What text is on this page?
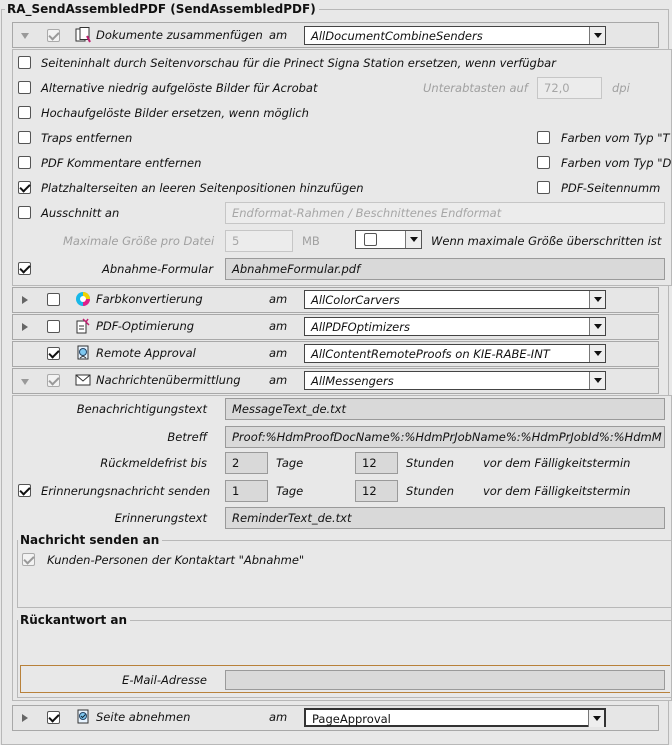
RA_SendAssembledPDF (SendAssembledPDF)
Dokumente zusammenfügen am	AllDocumentCombineSenders
Seiteninhalt durch Seitenvorschau für die Prinect Signa Station ersetzen, wenn verfügbar
Alternative niedrig aufgelöste Bilder für Acrobat	Unterabtasten auf	72,0	dpi
Hochaufgelöste Bilder ersetzen, wenn möglich
Traps entfernen	Farben vom Typ "T
PDF Kommentare entfernen	Farben vom Typ "D
Platzhalterseiten an leeren Seitenpositionen hinzufügen	PDF-Seitennumm
Ausschnitt an	Endformat-Rahmen / Beschnittenes Endformat
Maximale Größe pro Datei	5	MB	Wenn maximale Größe überschritten ist
Abnahme-Formular	AbnahmeFormular.pdf
Farbkonvertierung	am	AllColorCarvers
PDF-Optimierung	am	AllPDFOptimizers
Remote Approval	am	AllContentRemoteProofs on KIE-RABE-INT
Nachrichtenübermittlung am	AllMessengers
Benachrichtigungstext	MessageText_de.txt
Betreff	Proof:%HdmProofDocName%:%HdmPrJobName%:%HdmPrJobId%:%HdmM
Rückmeldefrist bis	2	Tage	12	Stunden	vor dem Fälligkeitstermin
Erinnerungsnachricht senden	1	Tage	12	Stunden	vor dem Fälligkeitstermin
Erinnerungstext	ReminderText_de.txt
Nachricht senden an
Kunden-Personen der Kontaktart "Abnahme"
Rückantwort an
E-Mail-Adresse
Seite abnehmen	am	PageApproval
